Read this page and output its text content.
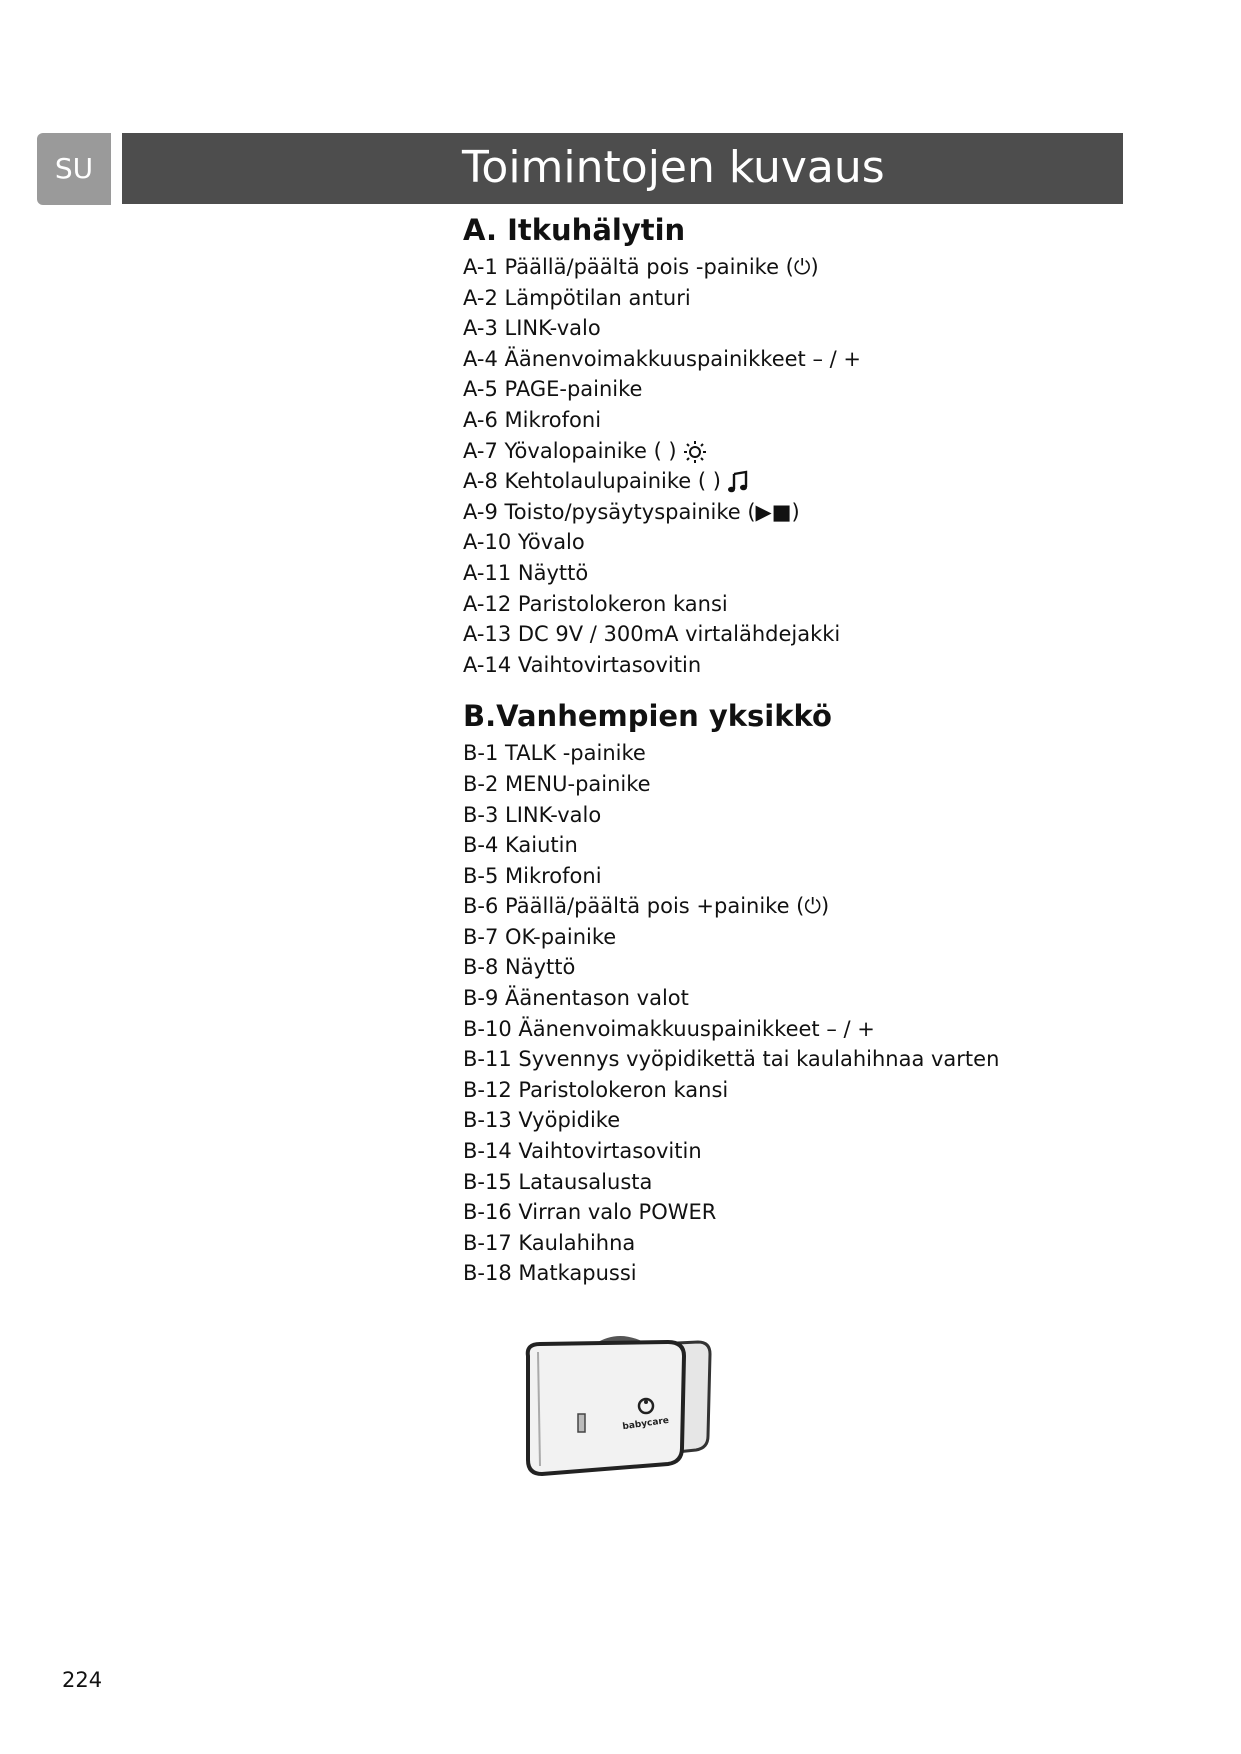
SU	Toimintojen kuvaus
A. Itkuhälytin
A-1 Päällä/päältä pois -painike (⏻)
A-2 Lämpötilan anturi
A-3 LINK-valo
A-4 Äänenvoimakkuuspainikkeet – / +
A-5 PAGE-painike
A-6 Mikrofoni
A-7 Yövalopainike ( )
A-8 Kehtolaulupainike ( )
A-9 Toisto/pysäytyspainike (▶■)
A-10 Yövalo
A-11 Näyttö
A-12 Paristolokeron kansi
A-13 DC 9V / 300mA virtalähdejakki
A-14 Vaihtovirtasovitin
B.Vanhempien yksikkö
B-1 TALK -painike
B-2 MENU-painike
B-3 LINK-valo
B-4 Kaiutin
B-5 Mikrofoni
B-6 Päällä/päältä pois +painike (⏻)
B-7 OK-painike
B-8 Näyttö
B-9 Äänentason valot
B-10 Äänenvoimakkuuspainikkeet – / +
B-11 Syvennys vyöpidikettä tai kaulahihnaa varten
B-12 Paristolokeron kansi
B-13 Vyöpidike
B-14 Vaihtovirtasovitin
B-15 Latausalusta
B-16 Virran valo POWER
B-17 Kaulahihna
B-18 Matkapussi
babycare
224
